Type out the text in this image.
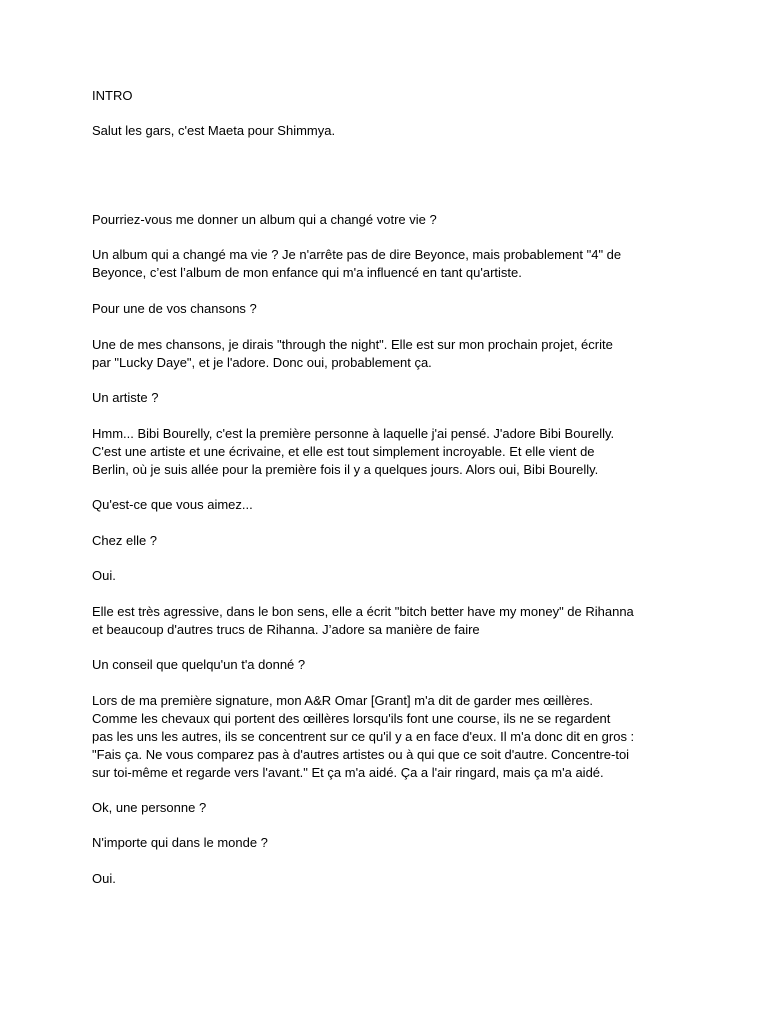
INTRO

Salut les gars, c'est Maeta pour Shimmya.

Pourriez-vous me donner un album qui a changé votre vie ?

Un album qui a changé ma vie ? Je n'arrête pas de dire Beyonce, mais probablement "4" de
Beyonce, c’est l’album de mon enfance qui m'a influencé en tant qu'artiste.

Pour une de vos chansons ?

Une de mes chansons, je dirais "through the night". Elle est sur mon prochain projet, écrite
par "Lucky Daye", et je l'adore. Donc oui, probablement ça.

Un artiste ?

Hmm... Bibi Bourelly, c'est la première personne à laquelle j'ai pensé. J'adore Bibi Bourelly.
C'est une artiste et une écrivaine, et elle est tout simplement incroyable. Et elle vient de
Berlin, où je suis allée pour la première fois il y a quelques jours. Alors oui, Bibi Bourelly.

Qu'est-ce que vous aimez...

Chez elle ?

Oui.

Elle est très agressive, dans le bon sens, elle a écrit "bitch better have my money" de Rihanna
et beaucoup d'autres trucs de Rihanna. J’adore sa manière de faire

Un conseil que quelqu'un t'a donné ?

Lors de ma première signature, mon A&R Omar [Grant] m'a dit de garder mes œillères.
Comme les chevaux qui portent des œillères lorsqu'ils font une course, ils ne se regardent
pas les uns les autres, ils se concentrent sur ce qu'il y a en face d'eux. Il m'a donc dit en gros :
"Fais ça. Ne vous comparez pas à d'autres artistes ou à qui que ce soit d'autre. Concentre-toi
sur toi-même et regarde vers l'avant." Et ça m'a aidé. Ça a l'air ringard, mais ça m'a aidé.

Ok, une personne ?

N'importe qui dans le monde ?

Oui.
